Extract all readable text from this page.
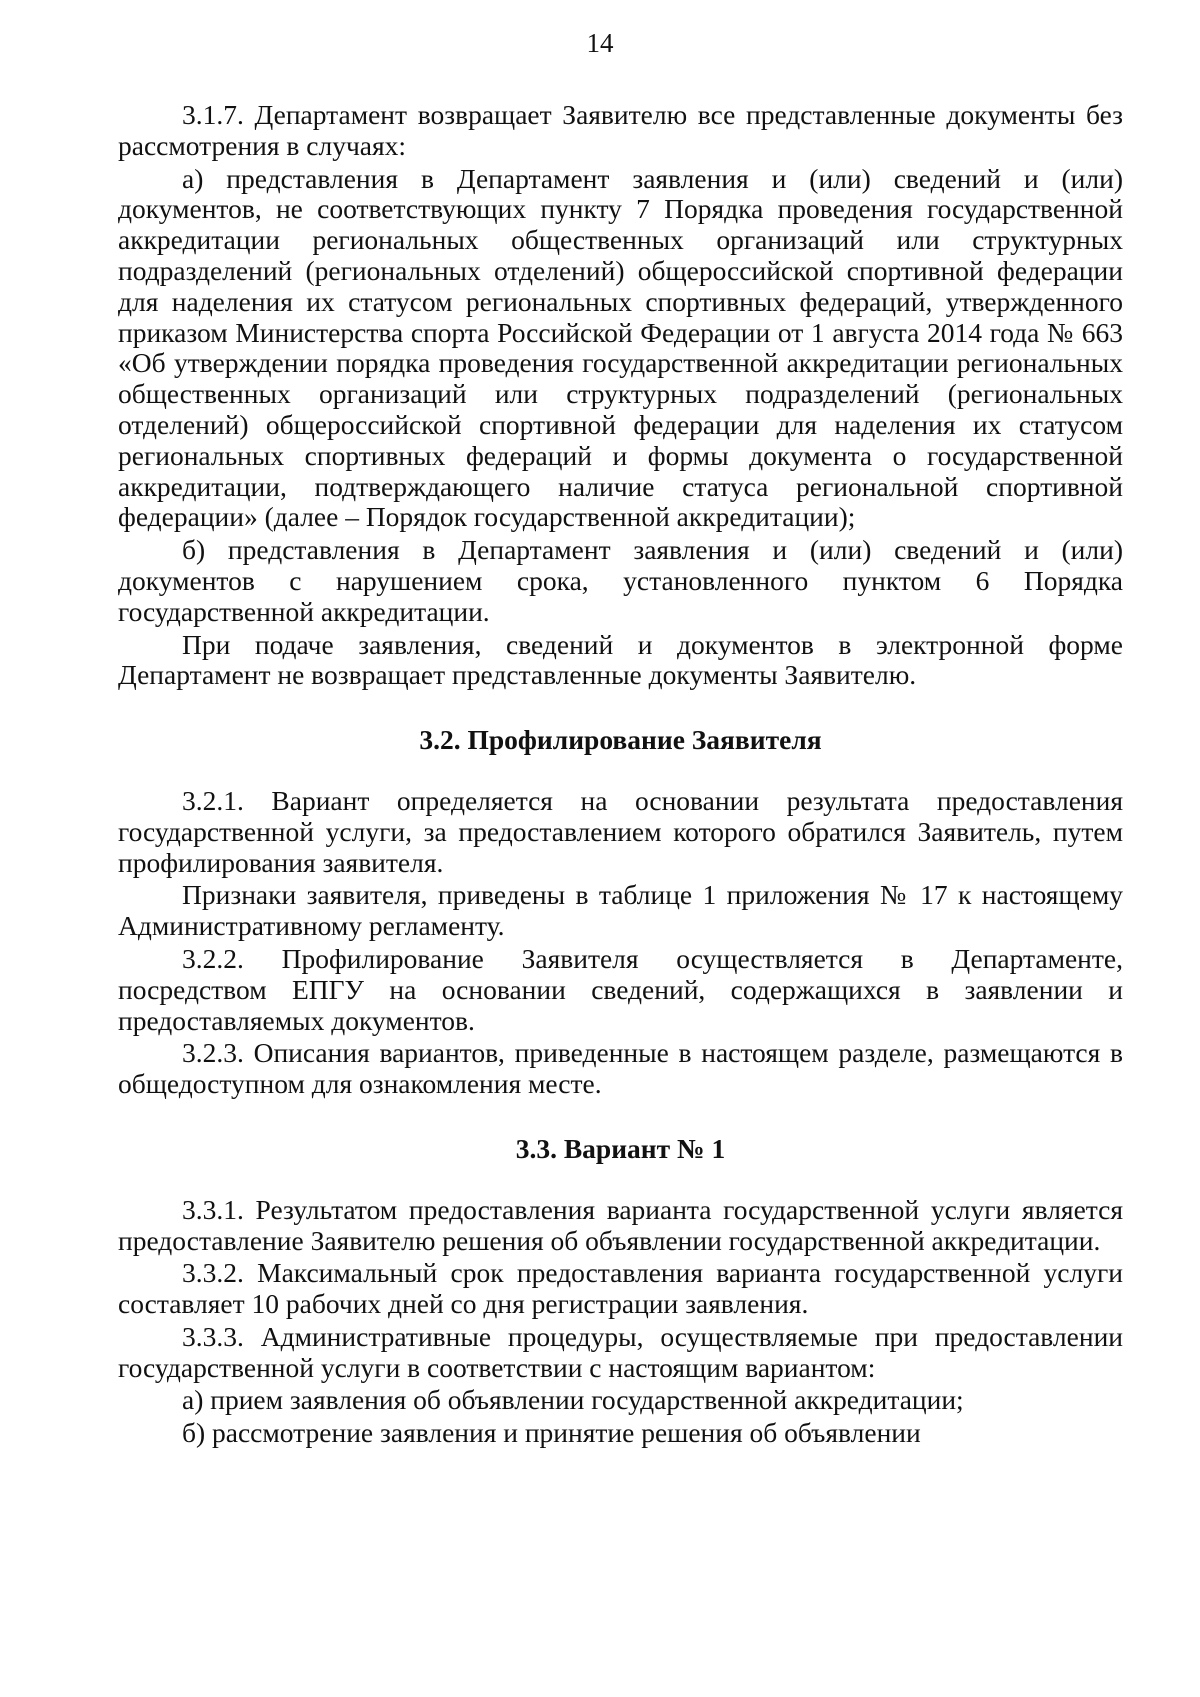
14

3.1.7. Департамент возвращает Заявителю все представленные документы без рассмотрения в случаях:

а) представления в Департамент заявления и (или) сведений и (или) документов, не соответствующих пункту 7 Порядка проведения государственной аккредитации региональных общественных организаций или структурных подразделений (региональных отделений) общероссийской спортивной федерации для наделения их статусом региональных спортивных федераций, утвержденного приказом Министерства спорта Российской Федерации от 1 августа 2014 года № 663 «Об утверждении порядка проведения государственной аккредитации региональных общественных организаций или структурных подразделений (региональных отделений) общероссийской спортивной федерации для наделения их статусом региональных спортивных федераций и формы документа о государственной аккредитации, подтверждающего наличие статуса региональной спортивной федерации» (далее – Порядок государственной аккредитации);

б) представления в Департамент заявления и (или) сведений и (или) документов с нарушением срока, установленного пунктом 6 Порядка государственной аккредитации.

При подаче заявления, сведений и документов в электронной форме Департамент не возвращает представленные документы Заявителю.

3.2. Профилирование Заявителя

3.2.1. Вариант определяется на основании результата предоставления государственной услуги, за предоставлением которого обратился Заявитель, путем профилирования заявителя.

Признаки заявителя, приведены в таблице 1 приложения № 17 к настоящему Административному регламенту.

3.2.2. Профилирование Заявителя осуществляется в Департаменте, посредством ЕПГУ на основании сведений, содержащихся в заявлении и предоставляемых документов.

3.2.3. Описания вариантов, приведенные в настоящем разделе, размещаются в общедоступном для ознакомления месте.

3.3. Вариант № 1

3.3.1. Результатом предоставления варианта государственной услуги является предоставление Заявителю решения об объявлении государственной аккредитации.

3.3.2. Максимальный срок предоставления варианта государственной услуги составляет 10 рабочих дней со дня регистрации заявления.

3.3.3. Административные процедуры, осуществляемые при предоставлении государственной услуги в соответствии с настоящим вариантом:

а) прием заявления об объявлении государственной аккредитации;

б) рассмотрение заявления и принятие решения об объявлении
